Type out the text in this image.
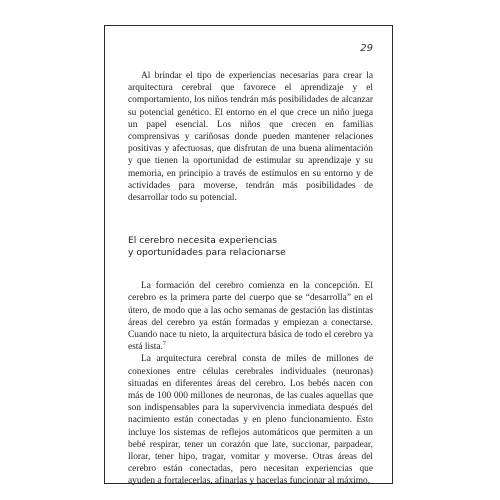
29

Al brindar el tipo de experiencias necesarias para crear la arquitectura cerebral que favorece el aprendizaje y el comportamiento, los niños tendrán más posibilidades de alcanzar su potencial genético. El entorno en el que crece un niño juega un papel esencial. Los niños que crecen en familias comprensivas y cariñosas donde pueden mantener relaciones positivas y afectuosas, que disfrutan de una buena alimentación y que tienen la oportunidad de estimular su aprendizaje y su memoria, en principio a través de estímulos en su entorno y de actividades para moverse, tendrán más posibilidades de desarrollar todo su potencial.

El cerebro necesita experiencias
y oportunidades para relacionarse

La formación del cerebro comienza en la concepción. El cerebro es la primera parte del cuerpo que se “desarrolla” en el útero, de modo que a las ocho semanas de gestación las distintas áreas del cerebro ya están formadas y empiezan a conectarse. Cuando nace tu nieto, la arquitectura básica de todo el cerebro ya está lista.$^7$

La arquitectura cerebral consta de miles de millones de conexiones entre células cerebrales individuales (neuronas) situadas en diferentes áreas del cerebro. Los bebés nacen con más de 100 000 millones de neuronas, de las cuales aquellas que son indispensables para la supervivencia inmediata después del nacimiento están conectadas y en pleno funcionamiento. Esto incluye los sistemas de reflejos automáticos que permiten a un bebé respirar, tener un corazón que late, succionar, parpadear, llorar, tener hipo, tragar, vomitar y moverse. Otras áreas del cerebro están conectadas, pero necesitan experiencias que ayuden a fortalecerlas, afinarlas y hacerlas funcionar al máximo,
